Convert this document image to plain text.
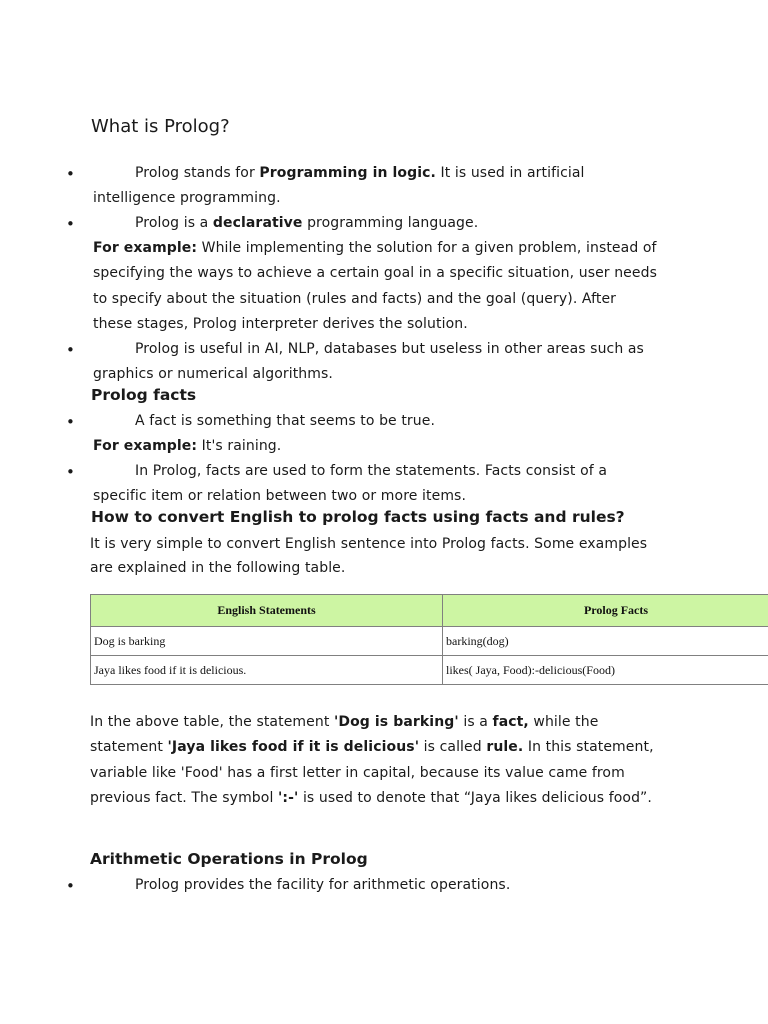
What is Prolog?
•	Prolog stands for Programming in logic. It is used in artificial
intelligence programming.
•	Prolog is a declarative programming language.
For example: While implementing the solution for a given problem, instead of
specifying the ways to achieve a certain goal in a specific situation, user needs
to specify about the situation (rules and facts) and the goal (query). After
these stages, Prolog interpreter derives the solution.
•	Prolog is useful in AI, NLP, databases but useless in other areas such as
graphics or numerical algorithms.
Prolog facts
•	A fact is something that seems to be true.
For example: It's raining.
•	In Prolog, facts are used to form the statements. Facts consist of a
specific item or relation between two or more items.
How to convert English to prolog facts using facts and rules?
It is very simple to convert English sentence into Prolog facts. Some examples
are explained in the following table.
English Statements	Prolog Facts
Dog is barking	barking(dog)
Jaya likes food if it is delicious.	likes( Jaya, Food):-delicious(Food)
In the above table, the statement 'Dog is barking' is a fact, while the
statement 'Jaya likes food if it is delicious' is called rule. In this statement,
variable like 'Food' has a first letter in capital, because its value came from
previous fact. The symbol ':-' is used to denote that “Jaya likes delicious food”.
Arithmetic Operations in Prolog
•	Prolog provides the facility for arithmetic operations.
